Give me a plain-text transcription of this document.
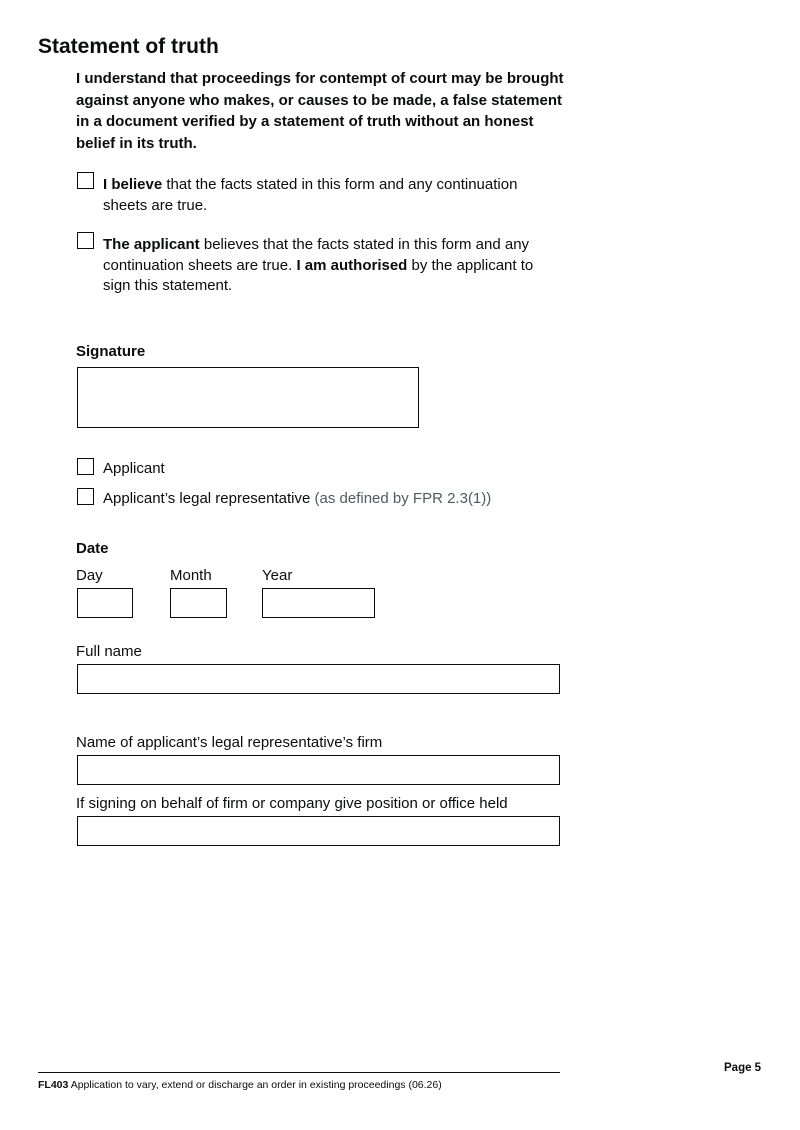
Statement of truth
I understand that proceedings for contempt of court may be brought against anyone who makes, or causes to be made, a false statement in a document verified by a statement of truth without an honest belief in its truth.
I believe that the facts stated in this form and any continuation sheets are true.
The applicant believes that the facts stated in this form and any continuation sheets are true. I am authorised by the applicant to sign this statement.
Signature
Applicant
Applicant’s legal representative (as defined by FPR 2.3(1))
Date
Day	Month	Year
Full name
Name of applicant’s legal representative’s firm
If signing on behalf of firm or company give position or office held
Page 5
FL403 Application to vary, extend or discharge an order in existing proceedings (06.26)
